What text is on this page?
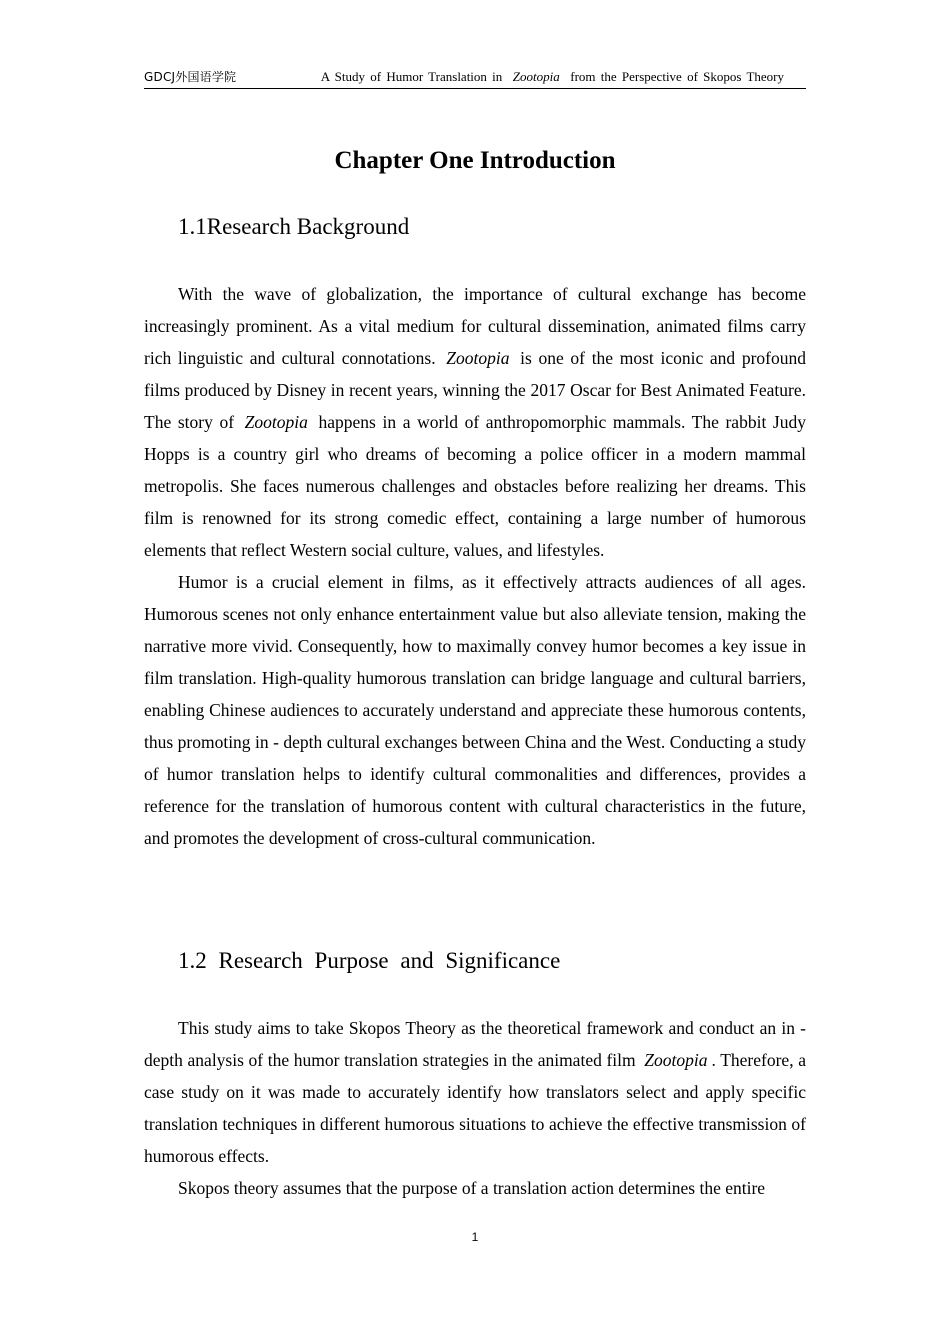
GDCJ外国语学院	A Study of Humor Translation in Zootopia from the Perspective of Skopos Theory
Chapter One Introduction
1.1Research Background

With the wave of globalization, the importance of cultural exchange has become increasingly prominent. As a vital medium for cultural dissemination, animated films carry rich linguistic and cultural connotations. Zootopia is one of the most iconic and profound films produced by Disney in recent years, winning the 2017 Oscar for Best Animated Feature. The story of Zootopia happens in a world of anthropomorphic mammals. The rabbit Judy Hopps is a country girl who dreams of becoming a police officer in a modern mammal metropolis. She faces numerous challenges and obstacles before realizing her dreams. This film is renowned for its strong comedic effect, containing a large number of humorous elements that reflect Western social culture, values, and lifestyles.

Humor is a crucial element in films, as it effectively attracts audiences of all ages. Humorous scenes not only enhance entertainment value but also alleviate tension, making the narrative more vivid. Consequently, how to maximally convey humor becomes a key issue in film translation. High-quality humorous translation can bridge language and cultural barriers, enabling Chinese audiences to accurately understand and appreciate these humorous contents, thus promoting in - depth cultural exchanges between China and the West. Conducting a study of humor translation helps to identify cultural commonalities and differences, provides a reference for the translation of humorous content with cultural characteristics in the future, and promotes the development of cross-cultural communication.

1.2 Research Purpose and Significance

This study aims to take Skopos Theory as the theoretical framework and conduct an in - depth analysis of the humor translation strategies in the animated film Zootopia . Therefore, a case study on it was made to accurately identify how translators select and apply specific translation techniques in different humorous situations to achieve the effective transmission of humorous effects.

Skopos theory assumes that the purpose of a translation action determines the entire

1
